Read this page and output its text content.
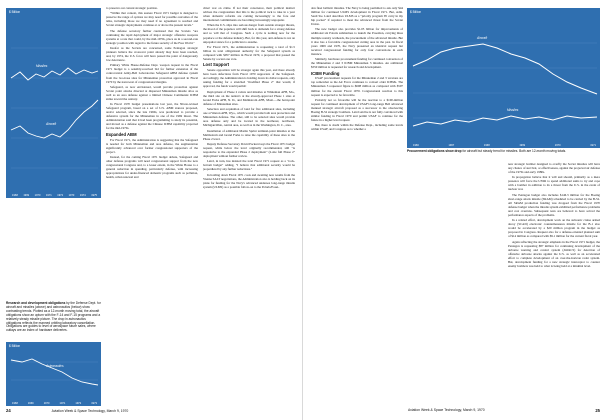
$ Billion
Missiles
Aircraft
1968 1969 1970 1971 1972 1973 1974 1975
Research and development obligations by the Defense Dept. for aircraft and missiles (above) and astronautics (below) show contrasting trends. Plotted as a 12-month moving total, the aircraft obligations show an upturn with the F-14 and F-15 programs and a relatively steady missile picture. The drop in astronautics obligations reflects the manned orbiting laboratory cancellation. Obligations are guides to level of aerospace future sales, where outlays are an index of hardware deliveries.
$ Billion
Astronautics
1968	1969	1970	1971	1972	1973

to preserve our current strategic position.

"Within that context, this austere Fiscal 1971 budget is designed to preserve the range of options we may need for possible outcomes of the talks, including those we may need if no agreement is reached and Soviet strategic deployments continue at or above the present levels."

The defense secretary further cautioned that the Soviets "are continuing the rapid deployment of major strategic offensive weapons systems at a rate that could, by the mid-1970s, place us in a second-rate strategic position with regard to the future security of the Free World."

Insofar as the Soviets are concerned, some Pentagon strategic planners believe the crossover point already may have been reached, and, by 1974, the U.S. force will have passed the point of dangerously low deterrence.

Primary White House-Defense Dept. weapon request in the Fiscal 1971 budget is a sensibly-received bid for further extension of the controversial Army-Bell Laboratories Safeguard ABM defense system from the two-base sites for Minuteman protection approved in Fiscal 1970 by the narrowest of congressional margins.

Safeguard, as now envisioned, would provide protection against Soviet point attacks directed at dispersed Minuteman missile silos as well as an area defense against a limited Chinese Communist ICBM strike toward the century.

In Fiscal 1970 budget presentations last year, the Nixon-revised Safeguard program, based on a set of U.S. ABM stances proposed, and/or selected, since the late 1960s, was predicated to provide a defensive system for the Minuteman in one of the 1969 threat. The Administration said that it had been programming to study its potential, and moved as a defense against the Chinese ICBM capability projected for the mid-1970s.

Expanded ABM

For Fiscal 1971, the Administration is suggesting that the Safeguard is needed for both Minuteman and area defense, the augmentation significantly advanced over former congressional supporters of the project.

Instead, for the coming Fiscal 1971 budget debate, Safeguard and other defense programs will need congressional support from the new congressional Congress and, to a lesser extent, in the White House to a general reduction in spending, particularly defense, with increasing appropriations for under-financed domestic programs such as pollution, health, urban renewal and

cities' war on crime. If not their conscience, their political instinct advises the congressmen that this is the political tack to take in a year when domestic reforms are coming increasingly to the fore and international commitments are becoming increasingly unpopular.

When the U.S. slips into serious danger from outside stronger threats, the mood of the populace will shift back to demands for a strong defense and so will that of Congress. Such a cycle is nothing new for the populace or the defense industry. But, for this year, anti-defense is not an unpopular stance for a politician to assume.

For Fiscal 1971, the Administration is requesting a total of $1.5 billion in total obligational authority for the Safeguard system as compared with $957 million in Fiscal 1970, a proposal that passed the Senate by a scant one vote.

Lost Support

Senate opposition will be stronger again this year, and there already have been defections from Fiscal 1970 supporters of the Safeguard. Accordingly, the Administration is holding down its dollar requests, only asking funding for a stretched "modified Phase 2" that would, if approved, the funds would permit:

Deployment of Phase 2 radars and missiles at Whiteman AFB, Mo., the third site on the nation's at the already-approved Phase 1 sites at Grand Forks AFB, N. D., and Malmstrom AFB, Mont.—the hard-point defense of Minuteman sites.

Selection and acquisition of land for five additional sites, including one at Warren AFB, Wyo., which would provide both area protection and Minuteman defense. The other, still to be selected sites would provide area defense only and be located in the northeast, northwest, Michigan/Ohio, central area, as well as in the Washington, D. C., area.

Installation of additional Martin Sprint terminal-point missiles at the Malmstrom and Grand Forks to raise the capability of these sites to the Phase 2 level.

Deputy Defense Secretary David Packard says the Fiscal 1971 budget request, while below the level originally recommended, still "is responsive to the expanded Phase 2 deployment" (2-site full Phase 2" deployment without further review.

Laird, in turn, has insisted the total Fiscal 1971 request as a "rock-bottom budget" adding, "I believe that additional security would be jeopardized by any further reductions."

In holding down Fiscal 1971 costs and awaiting new results from the Vienna SALT negotiations, the Administration also is holding back on its plans for funding for the Navy's advanced undersea long-range missile system (ULMS) as a possible follow-on to the Polaris/Posei-

24	Aviation Week & Space Technology, March 9, 1970

don fleet ballistic missiles. The Navy is being permitted to ask only $44 million for continued ULMS development in Fiscal 1971. But, Adm. Sault Ste. Laird describes ULMS as a "priority program I'll carry in my hip pocket" if required to meet the advanced threat from the Soviet Union.

The new budget also provides $1.05 billion for improvements of additional six Polaris submarines to launch the Poseidon, carrying three multiple reentry warheads, the procurement of the advanced missile. But it also has a favorable congressional cutting area in the past. In fiscal years 1969 and 1970, the Navy presented an identical request but received congressional funding for only four conversions in each instance.

Similarly, hardware procurement funding for continued conversion of the Minuteman 2 and 3 ICBM Minuteman 3 missiles. An additional $550 million is requested for research and development.

ICBM Funding

USAF procurement requests for the Minuteman 2 and 3 versions are top somewhat as the Air Force continues to convert older ICBMs. The Minuteman 3 requested figure is $608 million as compared with $507 million for the current Fiscal 1970. Congressional reaction to this request is expected to be favorable.

Probably not so favorable will be the reaction to a $100-million request for continued development of USAF's long-range Bell advanced manned strategic aircraft proposed as a successor to the obsolescing Boeing B-52 strategic bombers. Laird said he is not fully convinced with similar funding in Fiscal 1970 and permit USAF to continue for the future in a higher level request.

But, there is doubt within the Defense Dept., including some levels within USAF, and Congress as to whether a

$ Billion
Aircraft
Missiles
1966	1967	1968	1969	1970	1971
Procurement obligations show drop for aircraft but steady trend for missiles. Both are 12-month moving totals.

new strategic bomber designed to overfly the Soviet missiles will have any chance of survival, or effectiveness, against the projected air defense of the 1970s and early 1980s.

In propagation believe that it will and should, primarily as a mere presence will force the USSR to spend additional sums to try and cope with a bomber in addition to its a threat from the U.S. in the event of nuclear war.

The Pentagon budget also includes $146.3 million for the Boeing short-range attack missile (SRAM) scheduled to be carried by the B-52. All SRAM production funding was dropped from the Fiscal 1970 defense budget when the missile system exhibited performance problems and cost overruns. Subsequent tests are believed to have solved the performance aspects of the problems.

In a related effort, development work on the subsonic cruise armed decoy (SCAD) electronic countermeasures missile for the B-1 also would be accelerated by a $20 million program in the budget as proposed in Congress. Request also for a defense-oriented planned sum of $14 million as compared with $9.1 million for the current fiscal year.

Again reflecting the strategic emphasis in the Fiscal 1971 budget, the Pentagon is requesting $87 million for continuing development of the airborne warning and control system (AWACS) for detection of offensive airborne attacks against the U.S. as well as an accelerated effort to complete development of an over-the-horizon radar system. But, development funding for a new strategic interceptor to counter enemy bombers was held to what is being held at a minimal level.

Aviation Week & Space Technology, March 9, 1970	25
